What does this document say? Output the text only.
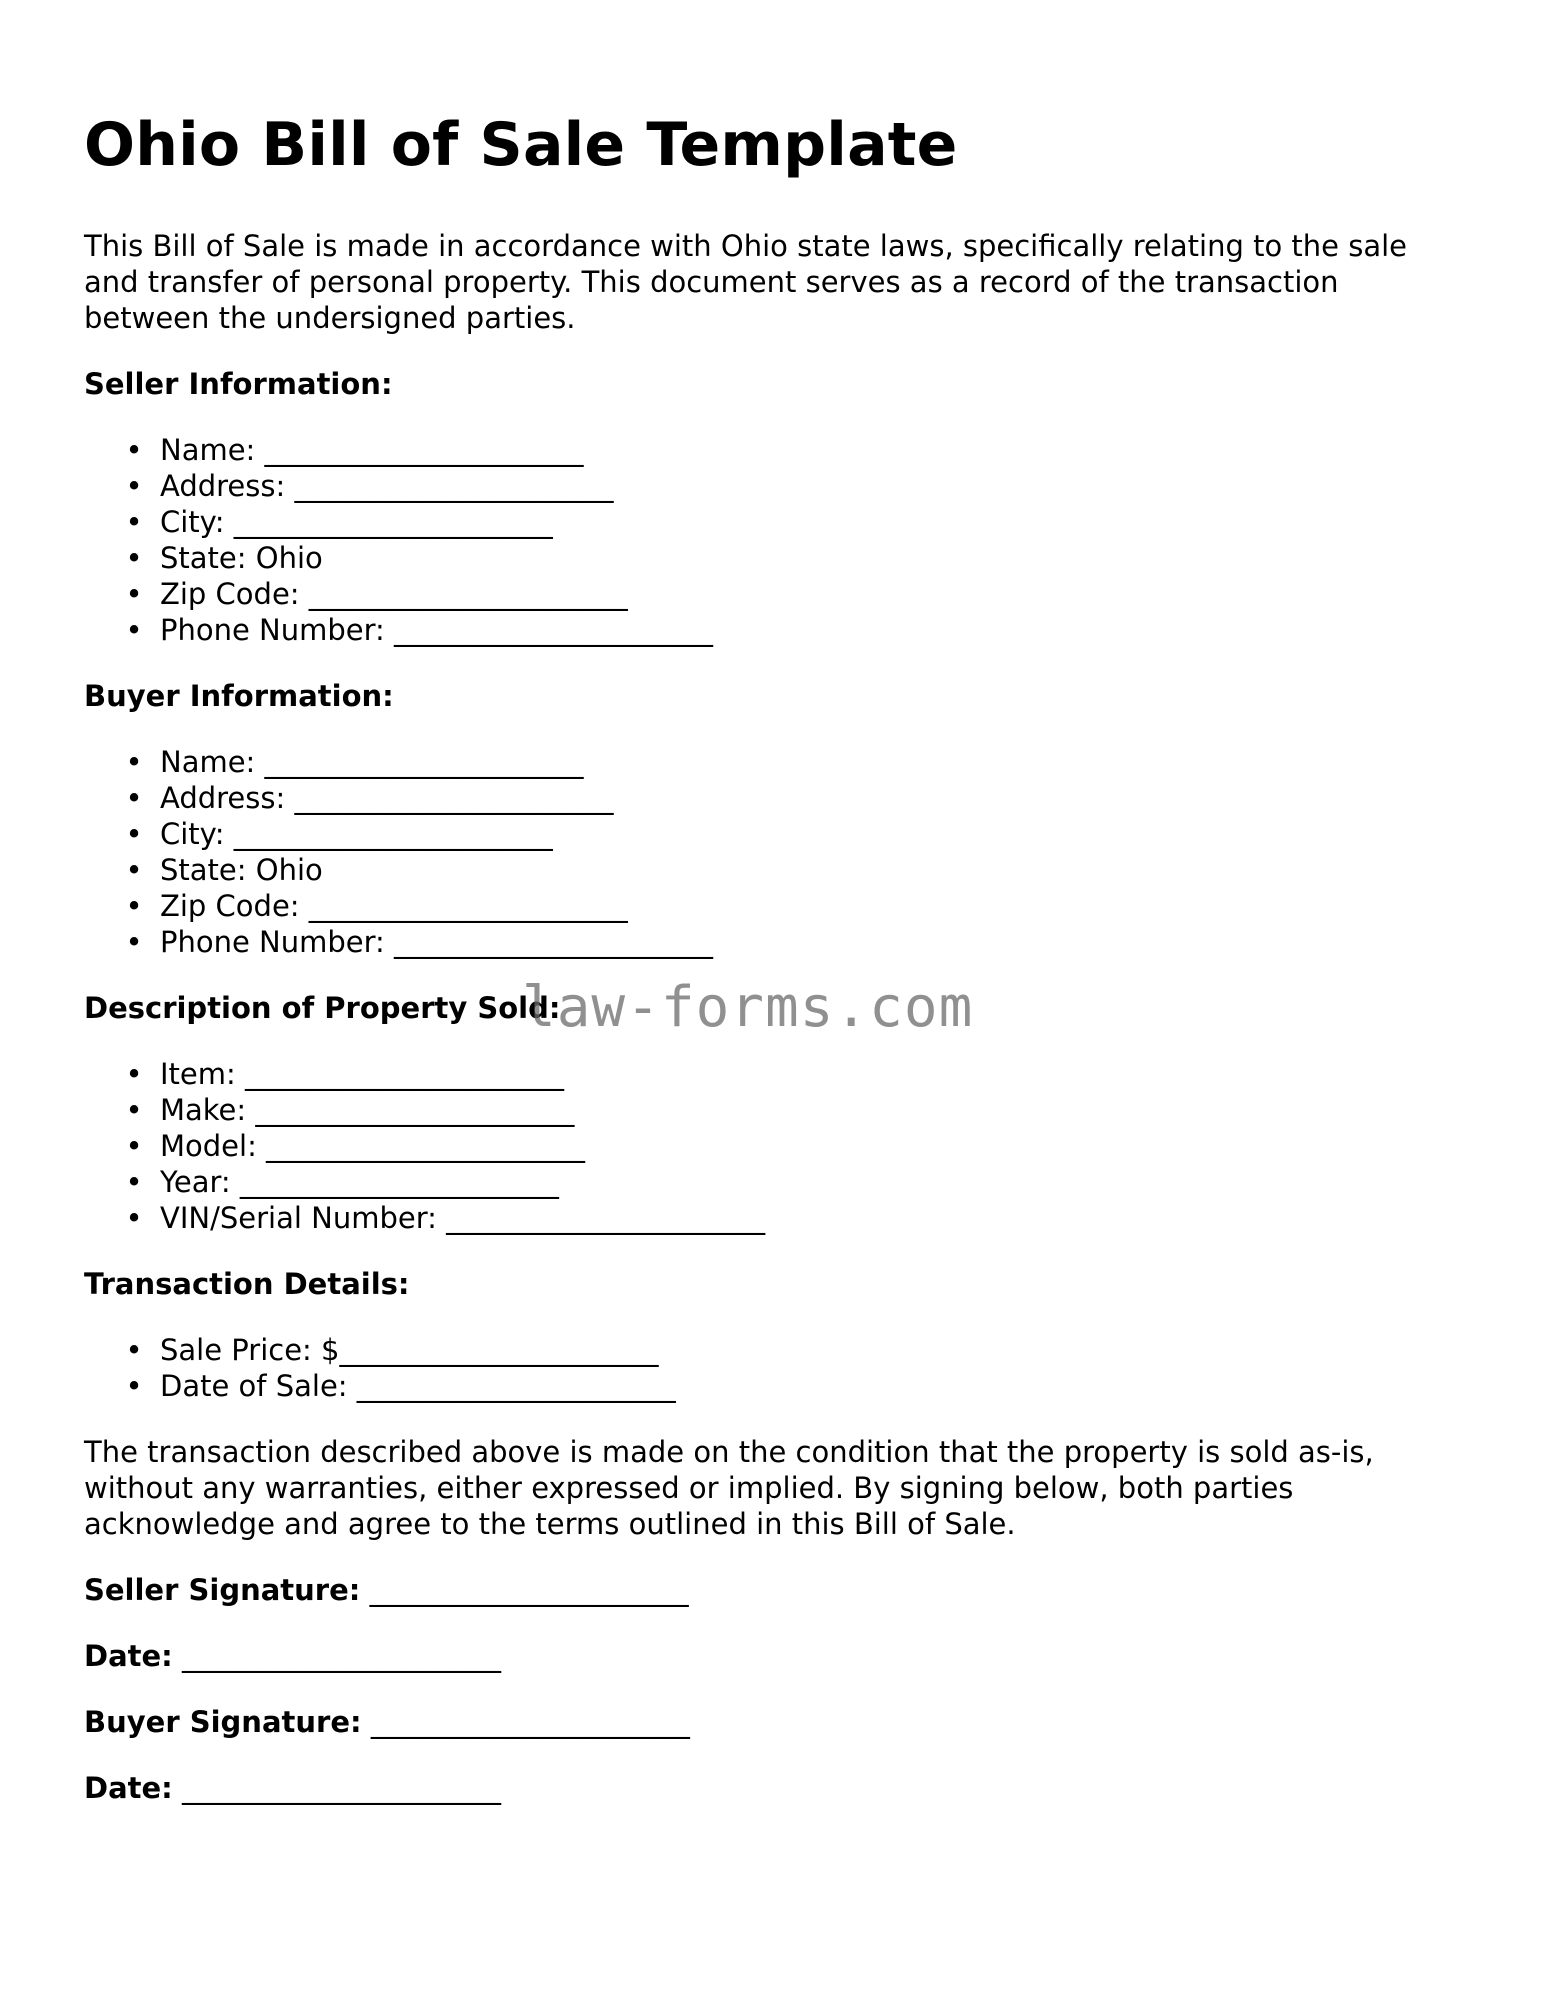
Ohio Bill of Sale Template

This Bill of Sale is made in accordance with Ohio state laws, specifically relating to the sale
and transfer of personal property. This document serves as a record of the transaction
between the undersigned parties.

Seller Information:
• Name: ______________________
• Address: ______________________
• City: ______________________
• State: Ohio
• Zip Code: ______________________
• Phone Number: ______________________
Buyer Information:
• Name: ______________________
• Address: ______________________
• City: ______________________
• State: Ohio
• Zip Code: ______________________
• Phone Number: ______________________
Description of Property Sold:
• Item: ______________________
• Make: ______________________
• Model: ______________________
• Year: ______________________
• VIN/Serial Number: ______________________
Transaction Details:
• Sale Price: $______________________
• Date of Sale: ______________________

The transaction described above is made on the condition that the property is sold as-is,
without any warranties, either expressed or implied. By signing below, both parties
acknowledge and agree to the terms outlined in this Bill of Sale.

Seller Signature: ______________________
Date: ______________________
Buyer Signature: ______________________
Date: ______________________
law-forms.com
